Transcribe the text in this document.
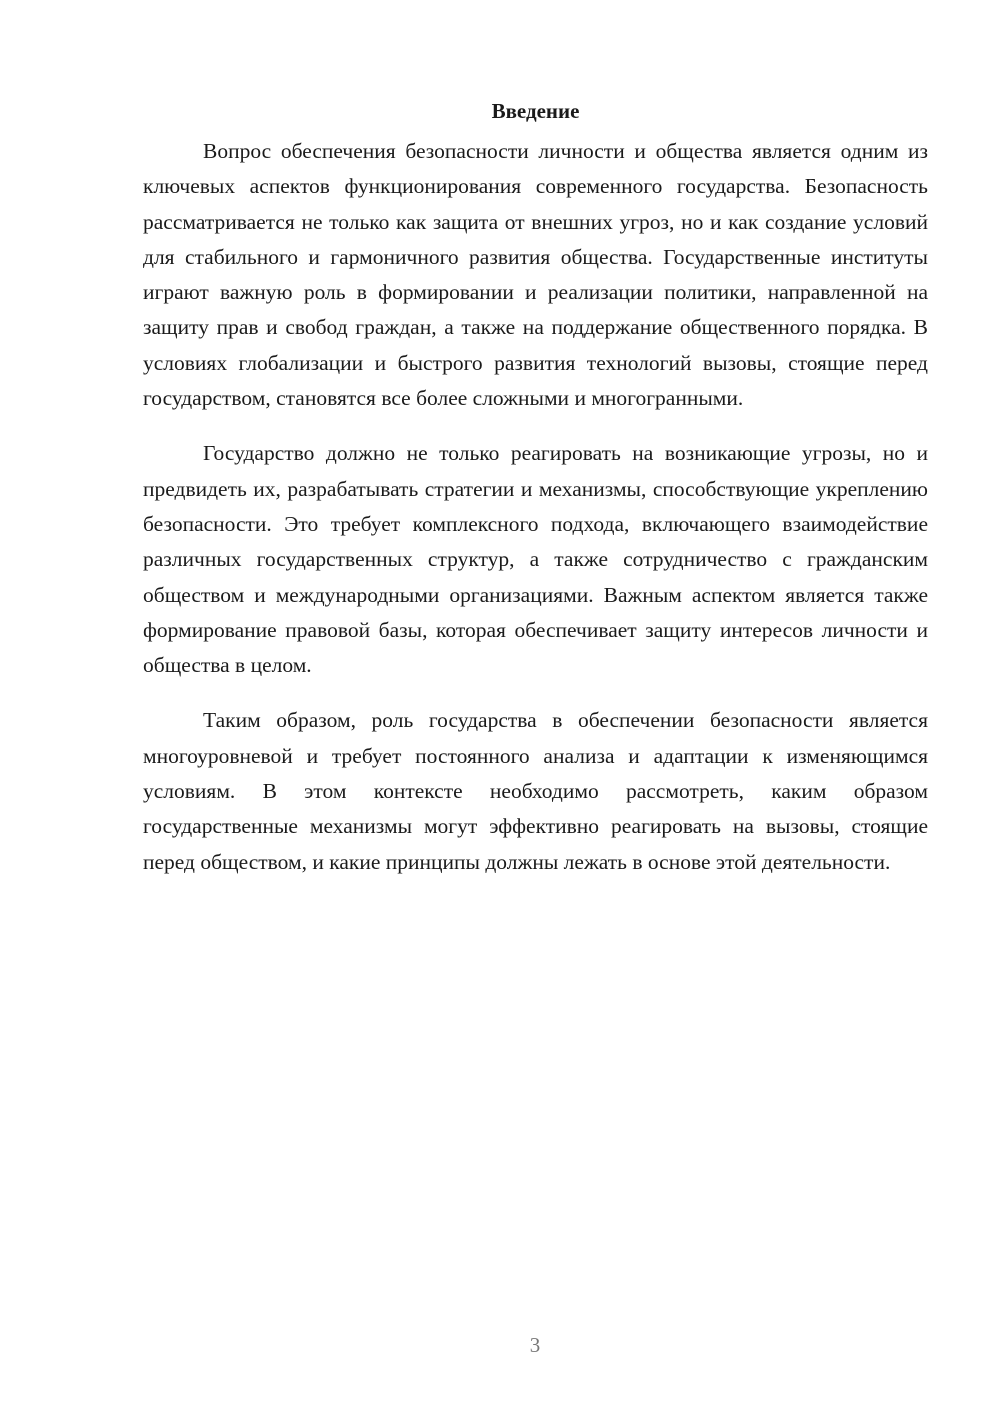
Введение

Вопрос обеспечения безопасности личности и общества является одним из ключевых аспектов функционирования современного государства. Безопасность рассматривается не только как защита от внешних угроз, но и как создание условий для стабильного и гармоничного развития общества. Государственные институты играют важную роль в формировании и реализации политики, направленной на защиту прав и свобод граждан, а также на поддержание общественного порядка. В условиях глобализации и быстрого развития технологий вызовы, стоящие перед государством, становятся все более сложными и многогранными.

Государство должно не только реагировать на возникающие угрозы, но и предвидеть их, разрабатывать стратегии и механизмы, способствующие укреплению безопасности. Это требует комплексного подхода, включающего взаимодействие различных государственных структур, а также сотрудничество с гражданским обществом и международными организациями. Важным аспектом является также формирование правовой базы, которая обеспечивает защиту интересов личности и общества в целом.

Таким образом, роль государства в обеспечении безопасности является многоуровневой и требует постоянного анализа и адаптации к изменяющимся условиям. В этом контексте необходимо рассмотреть, каким образом государственные механизмы могут эффективно реагировать на вызовы, стоящие перед обществом, и какие принципы должны лежать в основе этой деятельности.

3
